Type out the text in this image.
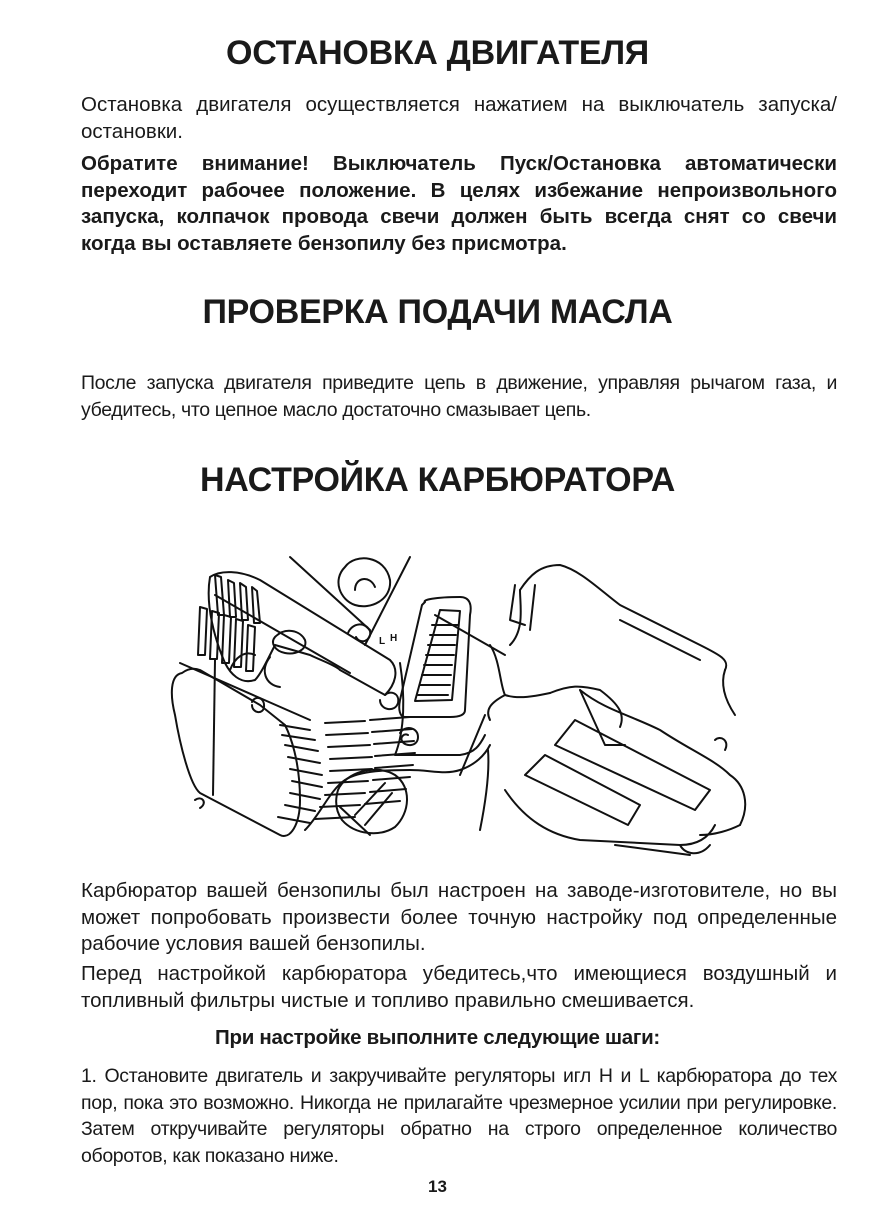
ОСТАНОВКА ДВИГАТЕЛЯ

Остановка двигателя осуществляется нажатием на выключатель запуска/остановки.

Обратите внимание! Выключатель Пуск/Остановка автоматически переходит рабочее положение. В целях избежание непроизвольного запуска, колпачок провода свечи должен быть всегда снят со свечи когда вы оставляете бензопилу без присмотра.

ПРОВЕРКА ПОДАЧИ МАСЛА

После запуска двигателя приведите цепь в движение, управляя рычагом газа, и убедитесь, что цепное масло достаточно смазывает цепь.

НАСТРОЙКА КАРБЮРАТОРА
L H

Карбюратор вашей бензопилы был настроен на заводе-изготовителе, но вы может попробовать произвести более точную настройку под определенные рабочие условия вашей бензопилы.

Перед настройкой карбюратора убедитесь,что имеющиеся воздушный и топливный фильтры чистые и топливо правильно смешивается.

При настройке выполните следующие шаги:

1. Остановите двигатель и закручивайте регуляторы игл H и L карбюратора до тех пор, пока это возможно. Никогда не прилагайте чрезмерное усилии при регулировке. Затем откручивайте регуляторы обратно на строго определенное количество оборотов, как показано ниже.

13
